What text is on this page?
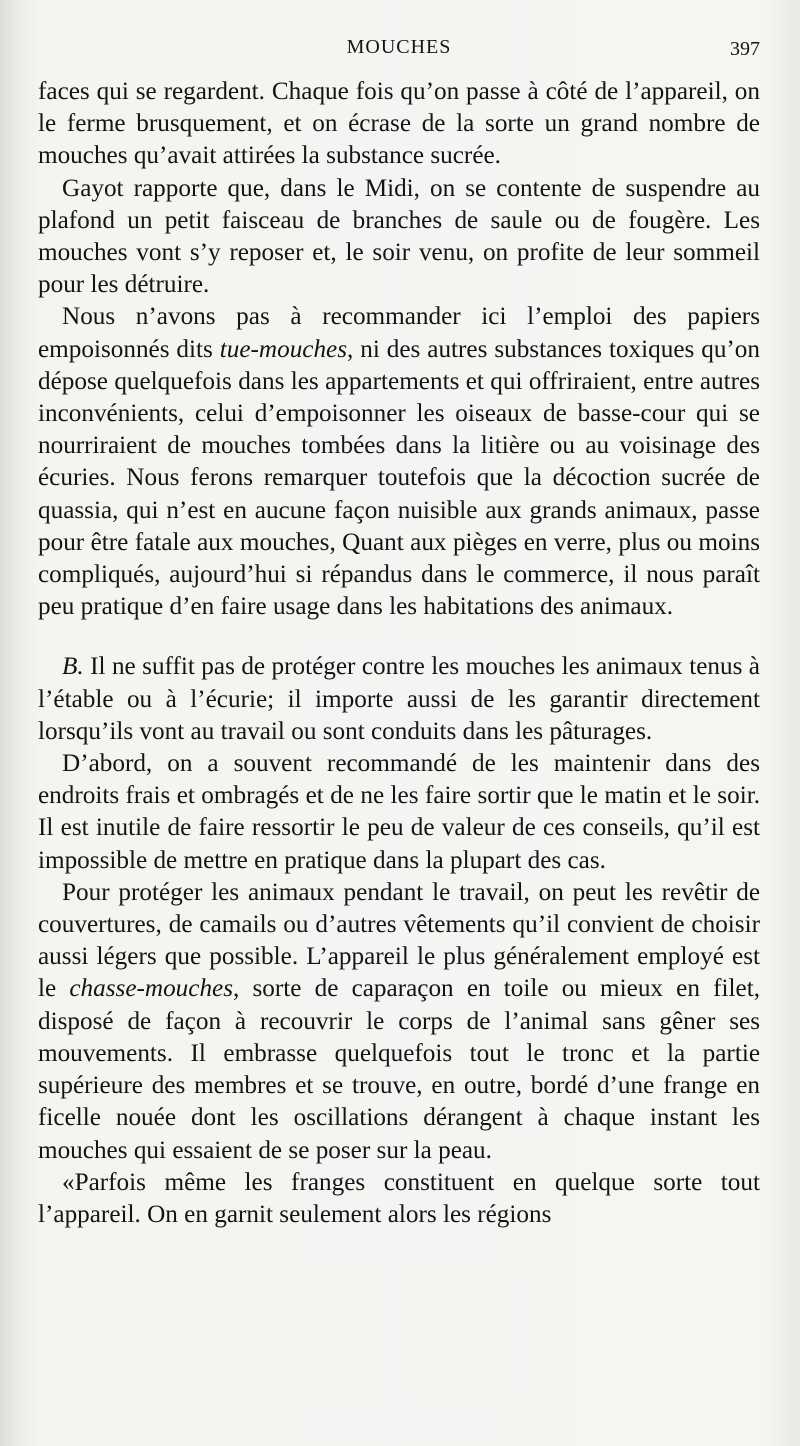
MOUCHES	397

faces qui se regardent. Chaque fois qu’on passe à côté de l’appareil, on le ferme brusquement, et on écrase de la sorte un grand nombre de mouches qu’avait attirées la substance sucrée.

Gayot rapporte que, dans le Midi, on se contente de suspendre au plafond un petit faisceau de branches de saule ou de fougère. Les mouches vont s’y reposer et, le soir venu, on profite de leur sommeil pour les détruire.

Nous n’avons pas à recommander ici l’emploi des papiers empoisonnés dits tue-mouches, ni des autres substances toxiques qu’on dépose quelquefois dans les appartements et qui offriraient, entre autres inconvénients, celui d’empoisonner les oiseaux de basse-cour qui se nourriraient de mouches tombées dans la litière ou au voisinage des écuries. Nous ferons remarquer toutefois que la décoction sucrée de quassia, qui n’est en aucune façon nuisible aux grands animaux, passe pour être fatale aux mouches, Quant aux pièges en verre, plus ou moins compliqués, aujourd’hui si répandus dans le commerce, il nous paraît peu pratique d’en faire usage dans les habitations des animaux.

B. Il ne suffit pas de protéger contre les mouches les animaux tenus à l’étable ou à l’écurie; il importe aussi de les garantir directement lorsqu’ils vont au travail ou sont conduits dans les pâturages.

D’abord, on a souvent recommandé de les maintenir dans des endroits frais et ombragés et de ne les faire sortir que le matin et le soir. Il est inutile de faire ressortir le peu de valeur de ces conseils, qu’il est impossible de mettre en pratique dans la plupart des cas.

Pour protéger les animaux pendant le travail, on peut les revêtir de couvertures, de camails ou d’autres vêtements qu’il convient de choisir aussi légers que possible. L’appareil le plus généralement employé est le chasse-mouches, sorte de caparaçon en toile ou mieux en filet, disposé de façon à recouvrir le corps de l’animal sans gêner ses mouvements. Il embrasse quelquefois tout le tronc et la partie supérieure des membres et se trouve, en outre, bordé d’une frange en ficelle nouée dont les oscillations dérangent à chaque instant les mouches qui essaient de se poser sur la peau.

«Parfois même les franges constituent en quelque sorte tout l’appareil. On en garnit seulement alors les régions
